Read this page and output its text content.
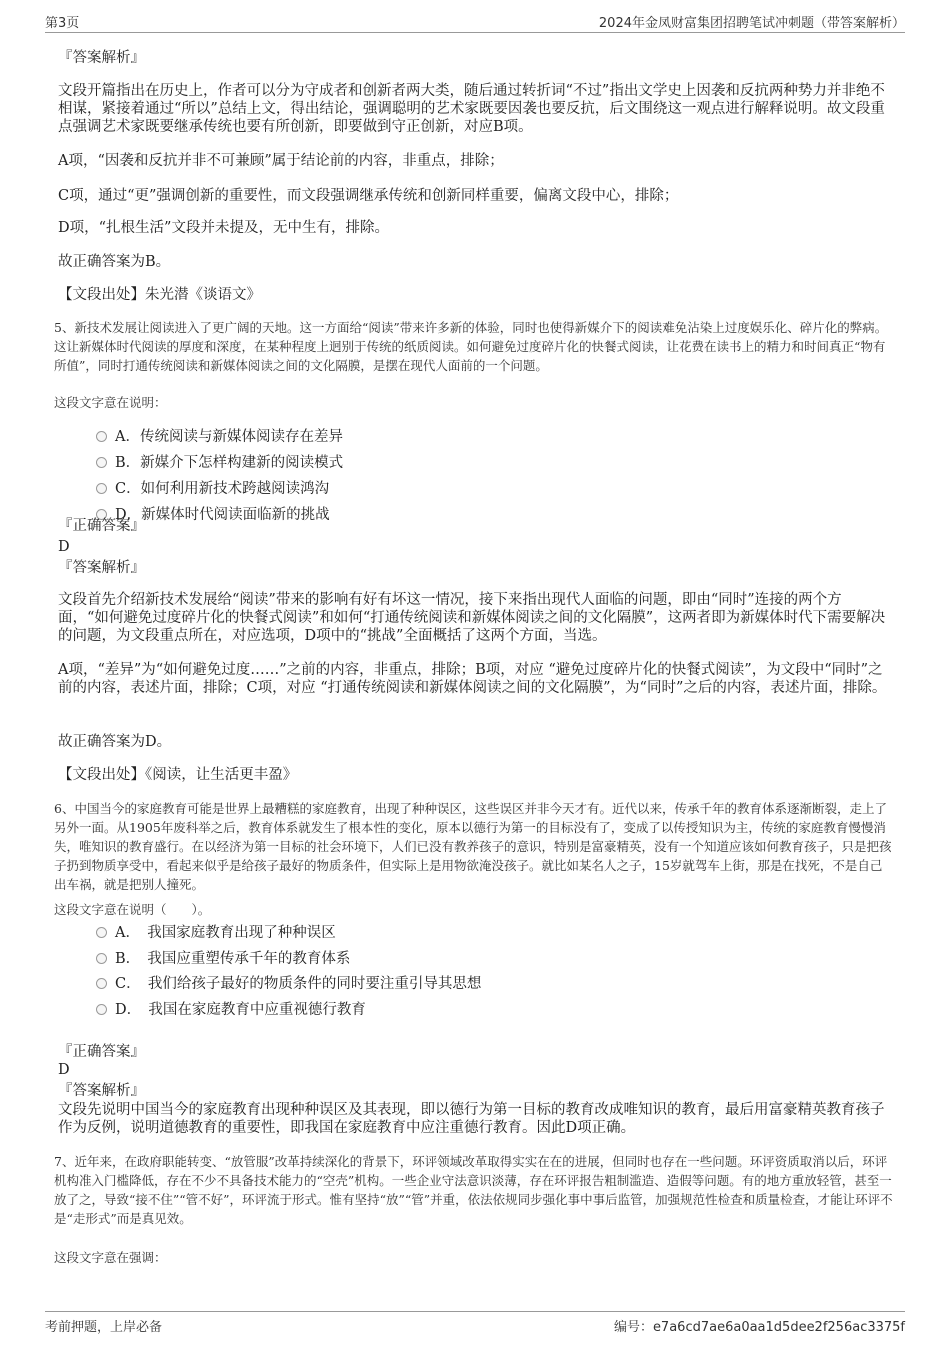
第3页	2024年金凤财富集团招聘笔试冲刺题（带答案解析）
『答案解析』
文段开篇指出在历史上，作者可以分为守成者和创新者两大类，随后通过转折词“不过”指出文学史上因袭和反抗两种势力并非绝不相谋，紧接着通过“所以”总结上文，得出结论，强调聪明的艺术家既要因袭也要反抗，后文围绕这一观点进行解释说明。故文段重点强调艺术家既要继承传统也要有所创新，即要做到守正创新，对应B项。
A项，“因袭和反抗并非不可兼顾”属于结论前的内容，非重点，排除；
C项，通过“更”强调创新的重要性，而文段强调继承传统和创新同样重要，偏离文段中心，排除；
D项，“扎根生活”文段并未提及，无中生有，排除。
故正确答案为B。
【文段出处】朱光潜《谈语文》
5、新技术发展让阅读进入了更广阔的天地。这一方面给“阅读”带来许多新的体验，同时也使得新媒介下的阅读难免沾染上过度娱乐化、碎片化的弊病。这让新媒体时代阅读的厚度和深度，在某种程度上迥别于传统的纸质阅读。如何避免过度碎片化的快餐式阅读，让花费在读书上的精力和时间真正“物有所值”，同时打通传统阅读和新媒体阅读之间的文化隔膜，是摆在现代人面前的一个问题。
这段文字意在说明：
A．传统阅读与新媒体阅读存在差异
B．新媒介下怎样构建新的阅读模式
C．如何利用新技术跨越阅读鸿沟
D．新媒体时代阅读面临新的挑战
『正确答案』
D
『答案解析』
文段首先介绍新技术发展给“阅读”带来的影响有好有坏这一情况，接下来指出现代人面临的问题，即由“同时”连接的两个方面，“如何避免过度碎片化的快餐式阅读”和如何“打通传统阅读和新媒体阅读之间的文化隔膜”，这两者即为新媒体时代下需要解决的问题，为文段重点所在，对应选项，D项中的“挑战”全面概括了这两个方面，当选。
A项，“差异”为“如何避免过度……”之前的内容，非重点，排除；B项，对应 “避免过度碎片化的快餐式阅读”，为文段中“同时”之前的内容，表述片面，排除；C项，对应 “打通传统阅读和新媒体阅读之间的文化隔膜”，为“同时”之后的内容，表述片面，排除。
故正确答案为D。
【文段出处】《阅读，让生活更丰盈》
6、中国当今的家庭教育可能是世界上最糟糕的家庭教育，出现了种种误区，这些误区并非今天才有。近代以来，传承千年的教育体系逐渐断裂，走上了另外一面。从1905年废科举之后，教育体系就发生了根本性的变化，原本以德行为第一的目标没有了，变成了以传授知识为主，传统的家庭教育慢慢消失，唯知识的教育盛行。在以经济为第一目标的社会环境下，人们已没有教养孩子的意识，特别是富豪精英，没有一个知道应该如何教育孩子，只是把孩子扔到物质享受中，看起来似乎是给孩子最好的物质条件，但实际上是用物欲淹没孩子。就比如某名人之子，15岁就驾车上街，那是在找死，不是自己出车祸，就是把别人撞死。
这段文字意在说明（　　）。
A．　我国家庭教育出现了种种误区
B．　我国应重塑传承千年的教育体系
C．　我们给孩子最好的物质条件的同时要注重引导其思想
D．　我国在家庭教育中应重视德行教育
『正确答案』
D
『答案解析』
文段先说明中国当今的家庭教育出现种种误区及其表现，即以德行为第一目标的教育改成唯知识的教育，最后用富豪精英教育孩子作为反例，说明道德教育的重要性，即我国在家庭教育中应注重德行教育。因此D项正确。
7、近年来，在政府职能转变、“放管服”改革持续深化的背景下，环评领域改革取得实实在在的进展，但同时也存在一些问题。环评资质取消以后，环评机构准入门槛降低，存在不少不具备技术能力的“空壳”机构。一些企业守法意识淡薄，存在环评报告粗制滥造、造假等问题。有的地方重放轻管，甚至一放了之，导致“接不住”“管不好”，环评流于形式。惟有坚持“放”“管”并重，依法依规同步强化事中事后监管，加强规范性检查和质量检查，才能让环评不是“走形式”而是真见效。
这段文字意在强调：
考前押题，上岸必备	编号：e7a6cd7ae6a0aa1d5dee2f256ac3375f
